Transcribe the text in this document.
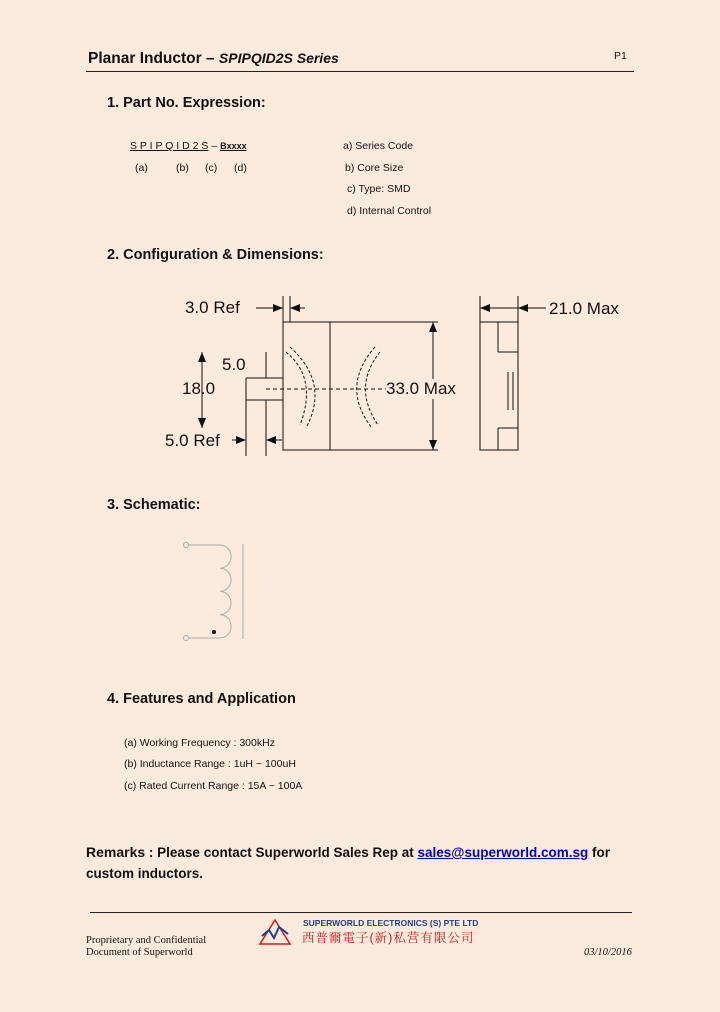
Planar Inductor – SPIPQID2S Series	P1
1. Part No. Expression:
S P I P Q I D 2 S – Bxxxx
(a)	(b) (c) (d)
a) Series Code
b) Core Size
c) Type: SMD
d) Internal Control
2. Configuration & Dimensions:
3.0 Ref
5.0
18.0
5.0 Ref
33.0 Max
21.0 Max
3. Schematic:
4. Features and Application
(a) Working Frequency : 300kHz
(b) Inductance Range : 1uH ~ 100uH
(c) Rated Current Range : 15A ~ 100A
Remarks : Please contact Superworld Sales Rep at sales@superworld.com.sg for custom inductors.
Proprietary and Confidential
Document of Superworld
SUPERWORLD ELECTRONICS (S) PTE LTD
西普爾電子(新)私营有限公司
03/10/2016
